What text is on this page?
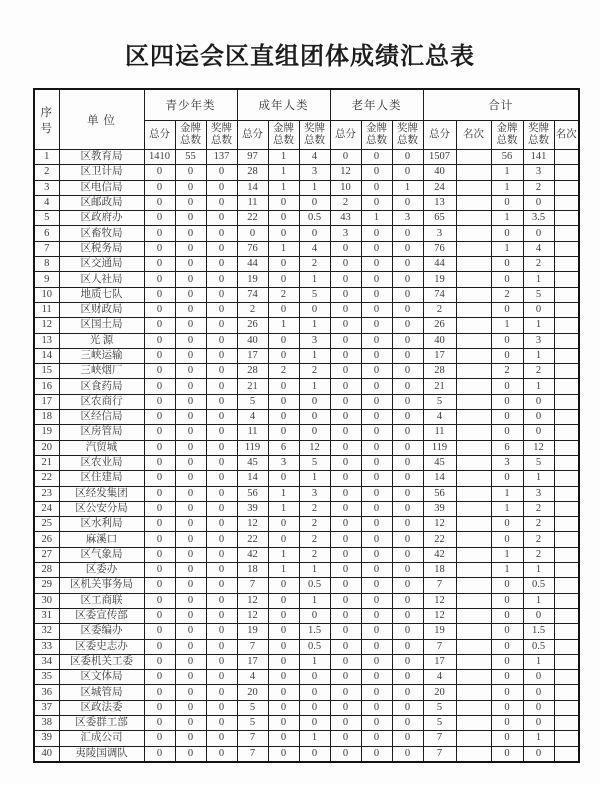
区四运会区直组团体成绩汇总表
序号	单 位	青少年类			成年人类			老年人类			合计				
		总分	金牌总数	奖牌总数	总分	金牌总数	奖牌总数	总分	金牌总数	奖牌总数	总分	名次	金牌总数	奖牌总数	名次
1	区教育局	1410	55	137	97	1	4	0	0	0	1507		56	141	
2	区卫计局	0	0	0	28	1	3	12	0	0	40		1	3	
3	区电信局	0	0	0	14	1	1	10	0	1	24		1	2	
4	区邮政局	0	0	0	11	0	0	2	0	0	13		0	0	
5	区政府办	0	0	0	22	0	0.5	43	1	3	65		1	3.5	
6	区畜牧局	0	0	0	0	0	0	3	0	0	3		0	0	
7	区税务局	0	0	0	76	1	4	0	0	0	76		1	4	
8	区交通局	0	0	0	44	0	2	0	0	0	44		0	2	
9	区人社局	0	0	0	19	0	1	0	0	0	19		0	1	
10	地质七队	0	0	0	74	2	5	0	0	0	74		2	5	
11	区财政局	0	0	0	2	0	0	0	0	0	2		0	0	
12	区国土局	0	0	0	26	1	1	0	0	0	26		1	1	
13	光 源	0	0	0	40	0	3	0	0	0	40		0	3	
14	三峡运输	0	0	0	17	0	1	0	0	0	17		0	1	
15	三峡烟厂	0	0	0	28	2	2	0	0	0	28		2	2	
16	区食药局	0	0	0	21	0	1	0	0	0	21		0	1	
17	区农商行	0	0	0	5	0	0	0	0	0	5		0	0	
18	区经信局	0	0	0	4	0	0	0	0	0	4		0	0	
19	区房管局	0	0	0	11	0	0	0	0	0	11		0	0	
20	汽贸城	0	0	0	119	6	12	0	0	0	119		6	12	
21	区农业局	0	0	0	45	3	5	0	0	0	45		3	5	
22	区住建局	0	0	0	14	0	1	0	0	0	14		0	1	
23	区经发集团	0	0	0	56	1	3	0	0	0	56		1	3	
24	区公安分局	0	0	0	39	1	2	0	0	0	39		1	2	
25	区水利局	0	0	0	12	0	2	0	0	0	12		0	2	
26	麻溪口	0	0	0	22	0	2	0	0	0	22		0	2	
27	区气象局	0	0	0	42	1	2	0	0	0	42		1	2	
28	区委办	0	0	0	18	1	1	0	0	0	18		1	1	
29	区机关事务局	0	0	0	7	0	0.5	0	0	0	7		0	0.5	
30	区工商联	0	0	0	12	0	1	0	0	0	12		0	1	
31	区委宣传部	0	0	0	12	0	0	0	0	0	12		0	0	
32	区委编办	0	0	0	19	0	1.5	0	0	0	19		0	1.5	
33	区委史志办	0	0	0	7	0	0.5	0	0	0	7		0	0.5	
34	区委机关工委	0	0	0	17	0	1	0	0	0	17		0	1	
35	区文体局	0	0	0	4	0	0	0	0	0	4		0	0	
36	区城管局	0	0	0	20	0	0	0	0	0	20		0	0	
37	区政法委	0	0	0	5	0	0	0	0	0	5		0	0	
38	区委群工部	0	0	0	5	0	0	0	0	0	5		0	0	
39	汇成公司	0	0	0	7	0	1	0	0	0	7		0	1	
40	夷陵国调队	0	0	0	7	0	0	0	0	0	7		0	0	
